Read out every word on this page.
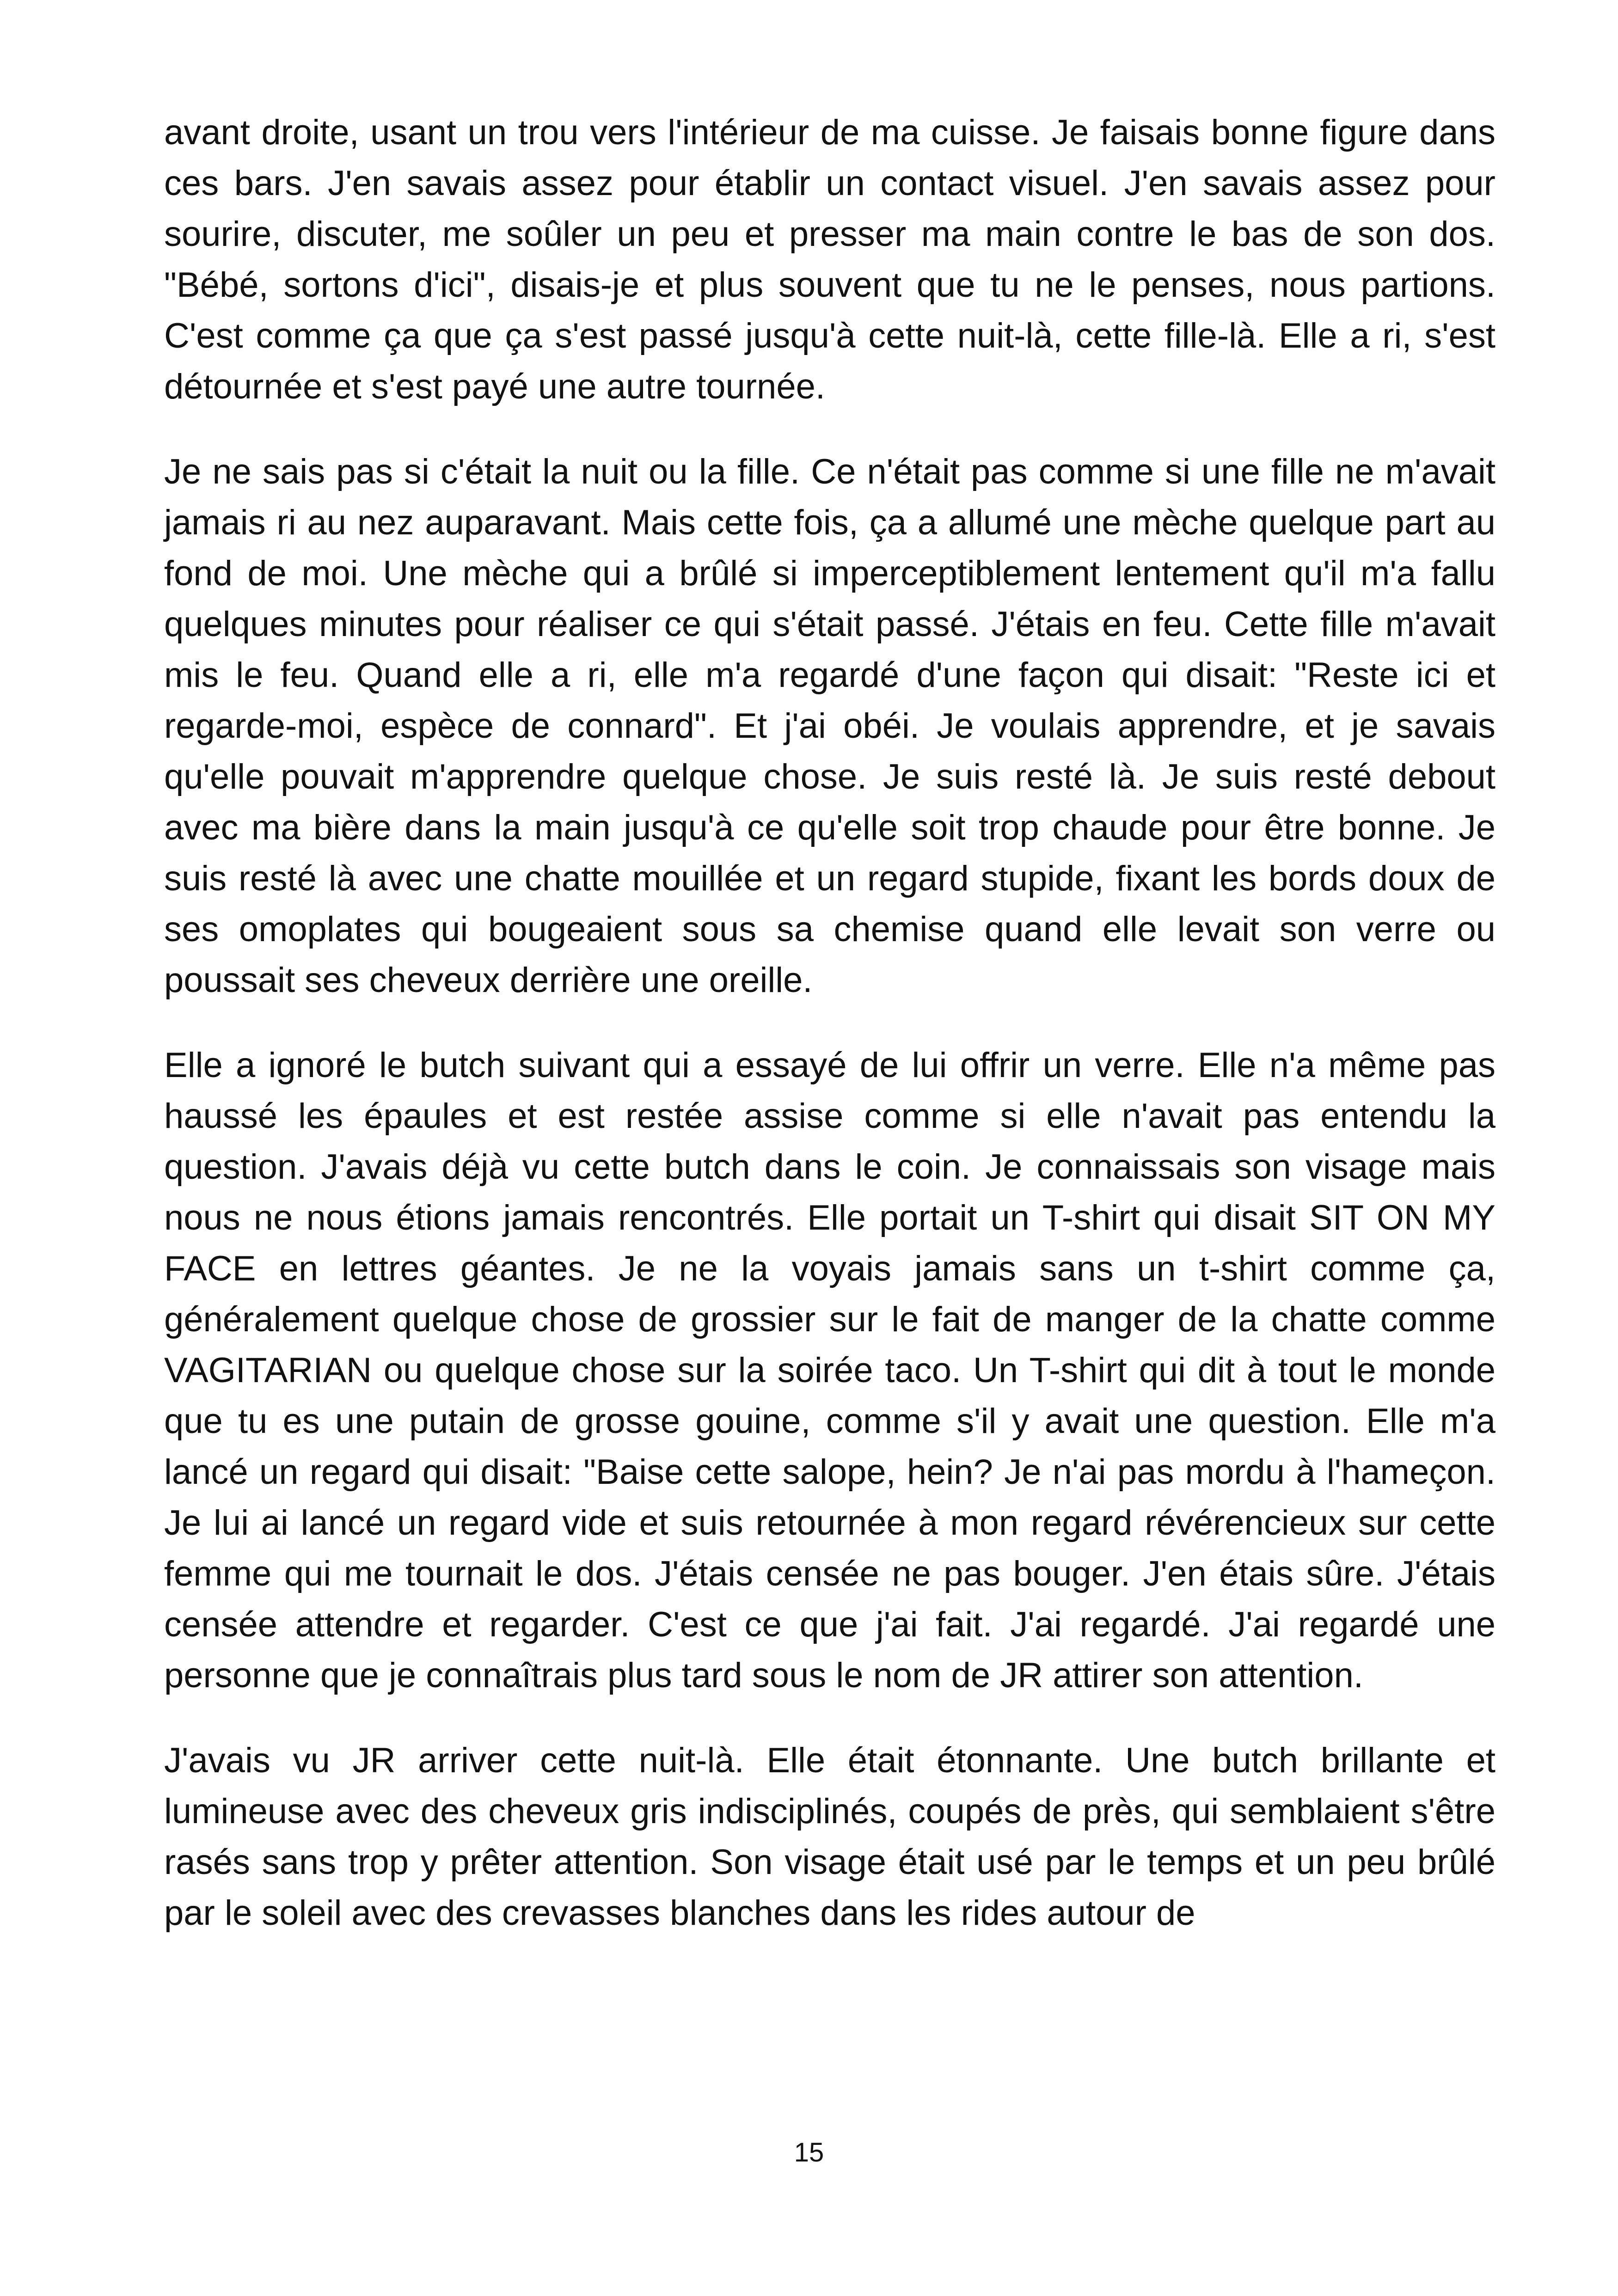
avant droite, usant un trou vers l'intérieur de ma cuisse. Je faisais bonne figure dans ces bars. J'en savais assez pour établir un contact visuel. J'en savais assez pour sourire, discuter, me soûler un peu et presser ma main contre le bas de son dos. "Bébé, sortons d'ici", disais-je et plus souvent que tu ne le penses, nous partions. C'est comme ça que ça s'est passé jusqu'à cette nuit-là, cette fille-là. Elle a ri, s'est détournée et s'est payé une autre tournée.

Je ne sais pas si c'était la nuit ou la fille. Ce n'était pas comme si une fille ne m'avait jamais ri au nez auparavant. Mais cette fois, ça a allumé une mèche quelque part au fond de moi. Une mèche qui a brûlé si imperceptiblement lentement qu'il m'a fallu quelques minutes pour réaliser ce qui s'était passé. J'étais en feu. Cette fille m'avait mis le feu. Quand elle a ri, elle m'a regardé d'une façon qui disait: "Reste ici et regarde-moi, espèce de connard". Et j'ai obéi. Je voulais apprendre, et je savais qu'elle pouvait m'apprendre quelque chose. Je suis resté là. Je suis resté debout avec ma bière dans la main jusqu'à ce qu'elle soit trop chaude pour être bonne. Je suis resté là avec une chatte mouillée et un regard stupide, fixant les bords doux de ses omoplates qui bougeaient sous sa chemise quand elle levait son verre ou poussait ses cheveux derrière une oreille.

Elle a ignoré le butch suivant qui a essayé de lui offrir un verre. Elle n'a même pas haussé les épaules et est restée assise comme si elle n'avait pas entendu la question. J'avais déjà vu cette butch dans le coin. Je connaissais son visage mais nous ne nous étions jamais rencontrés. Elle portait un T-shirt qui disait SIT ON MY FACE en lettres géantes. Je ne la voyais jamais sans un t-shirt comme ça, généralement quelque chose de grossier sur le fait de manger de la chatte comme VAGITARIAN ou quelque chose sur la soirée taco. Un T-shirt qui dit à tout le monde que tu es une putain de grosse gouine, comme s'il y avait une question. Elle m'a lancé un regard qui disait: "Baise cette salope, hein? Je n'ai pas mordu à l'hameçon. Je lui ai lancé un regard vide et suis retournée à mon regard révérencieux sur cette femme qui me tournait le dos. J'étais censée ne pas bouger. J'en étais sûre. J'étais censée attendre et regarder. C'est ce que j'ai fait. J'ai regardé. J'ai regardé une personne que je connaîtrais plus tard sous le nom de JR attirer son attention.

J'avais vu JR arriver cette nuit-là. Elle était étonnante. Une butch brillante et lumineuse avec des cheveux gris indisciplinés, coupés de près, qui semblaient s'être rasés sans trop y prêter attention. Son visage était usé par le temps et un peu brûlé par le soleil avec des crevasses blanches dans les rides autour de

15
